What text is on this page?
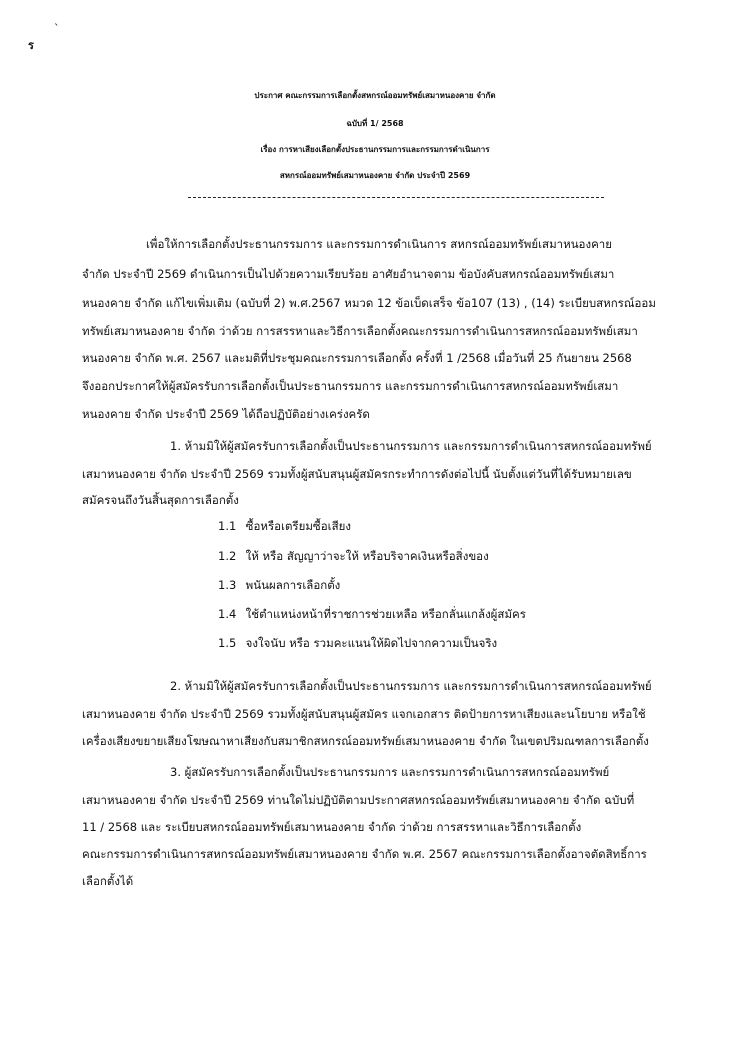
ร
`
ประกาศ คณะกรรมการเลือกตั้งสหกรณ์ออมทรัพย์เสมาหนองคาย จำกัด
ฉบับที่ 1/ 2568
เรื่อง การหาเสียงเลือกตั้งประธานกรรมการและกรรมการดำเนินการ
สหกรณ์ออมทรัพย์เสมาหนองคาย จำกัด ประจำปี 2569
เพื่อให้การเลือกตั้งประธานกรรมการ และกรรมการดำเนินการ สหกรณ์ออมทรัพย์เสมาหนองคาย
จำกัด ประจำปี 2569 ดำเนินการเป็นไปด้วยความเรียบร้อย อาศัยอำนาจตาม ข้อบังคับสหกรณ์ออมทรัพย์เสมา
หนองคาย จำกัด แก้ไขเพิ่มเติม (ฉบับที่ 2) พ.ศ.2567 หมวด 12 ข้อเบ็ดเสร็จ ข้อ107 (13) , (14) ระเบียบสหกรณ์ออม
ทรัพย์เสมาหนองคาย จำกัด ว่าด้วย การสรรหาและวิธีการเลือกตั้งคณะกรรมการดำเนินการสหกรณ์ออมทรัพย์เสมา
หนองคาย จำกัด พ.ศ. 2567 และมติที่ประชุมคณะกรรมการเลือกตั้ง ครั้งที่ 1 /2568 เมื่อวันที่ 25 กันยายน 2568
จึงออกประกาศให้ผู้สมัครรับการเลือกตั้งเป็นประธานกรรมการ และกรรมการดำเนินการสหกรณ์ออมทรัพย์เสมา
หนองคาย จำกัด ประจำปี 2569 ได้ถือปฏิบัติอย่างเคร่งครัด
1. ห้ามมิให้ผู้สมัครรับการเลือกตั้งเป็นประธานกรรมการ และกรรมการดำเนินการสหกรณ์ออมทรัพย์
เสมาหนองคาย จำกัด ประจำปี 2569 รวมทั้งผู้สนับสนุนผู้สมัครกระทำการดังต่อไปนี้ นับตั้งแต่วันที่ได้รับหมายเลข
สมัครจนถึงวันสิ้นสุดการเลือกตั้ง
1.1 ซื้อหรือเตรียมซื้อเสียง
1.2 ให้ หรือ สัญญาว่าจะให้ หรือบริจาคเงินหรือสิ่งของ
1.3 พนันผลการเลือกตั้ง
1.4 ใช้ตำแหน่งหน้าที่ราชการช่วยเหลือ หรือกลั่นแกล้งผู้สมัคร
1.5 จงใจนับ หรือ รวมคะแนนให้ผิดไปจากความเป็นจริง
2. ห้ามมิให้ผู้สมัครรับการเลือกตั้งเป็นประธานกรรมการ และกรรมการดำเนินการสหกรณ์ออมทรัพย์
เสมาหนองคาย จำกัด ประจำปี 2569 รวมทั้งผู้สนับสนุนผู้สมัคร แจกเอกสาร ติดป้ายการหาเสียงและนโยบาย หรือใช้
เครื่องเสียงขยายเสียงโฆษณาหาเสียงกับสมาชิกสหกรณ์ออมทรัพย์เสมาหนองคาย จำกัด ในเขตปริมณฑลการเลือกตั้ง
3. ผู้สมัครรับการเลือกตั้งเป็นประธานกรรมการ และกรรมการดำเนินการสหกรณ์ออมทรัพย์
เสมาหนองคาย จำกัด ประจำปี 2569 ท่านใดไม่ปฏิบัติตามประกาศสหกรณ์ออมทรัพย์เสมาหนองคาย จำกัด ฉบับที่
11 / 2568 และ ระเบียบสหกรณ์ออมทรัพย์เสมาหนองคาย จำกัด ว่าด้วย การสรรหาและวิธีการเลือกตั้ง
คณะกรรมการดำเนินการสหกรณ์ออมทรัพย์เสมาหนองคาย จำกัด พ.ศ. 2567 คณะกรรมการเลือกตั้งอาจตัดสิทธิ์การ
เลือกตั้งได้
